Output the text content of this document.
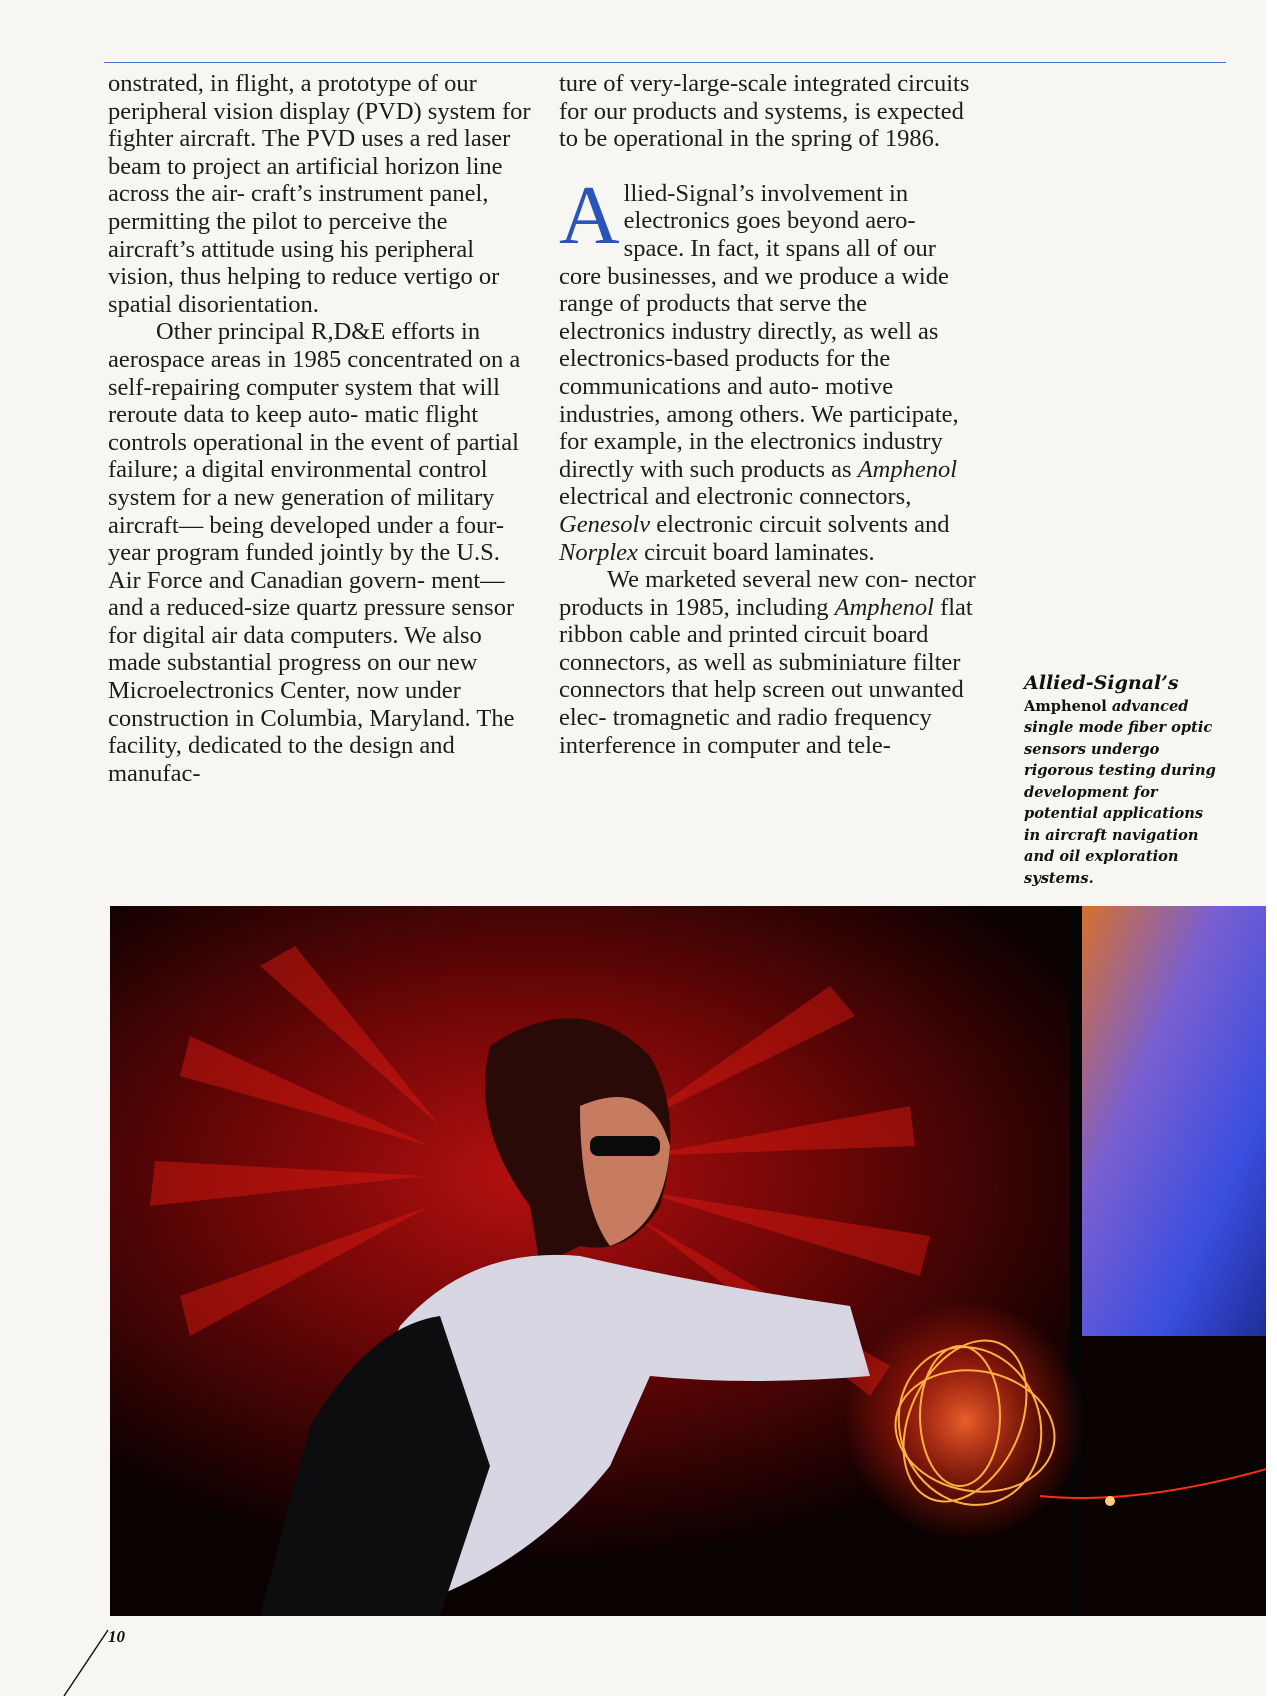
onstrated, in flight, a prototype of our peripheral vision display (PVD) system for fighter aircraft. The PVD uses a red laser beam to project an artificial horizon line across the air- craft’s instrument panel, permitting the pilot to perceive the aircraft’s attitude using his peripheral vision, thus helping to reduce vertigo or spatial disorientation.

Other principal R,D&E efforts in aerospace areas in 1985 concentrated on a self-repairing computer system that will reroute data to keep auto- matic flight controls operational in the event of partial failure; a digital environmental control system for a new generation of military aircraft— being developed under a four-year program funded jointly by the U.S. Air Force and Canadian govern- ment—and a reduced-size quartz pressure sensor for digital air data computers. We also made substantial progress on our new Microelectronics Center, now under construction in Columbia, Maryland. The facility, dedicated to the design and manufac-

ture of very-large-scale integrated circuits for our products and systems, is expected to be operational in the spring of 1986.

Allied-Signal’s involvement in electronics goes beyond aero- space. In fact, it spans all of our core businesses, and we produce a wide range of products that serve the electronics industry directly, as well as electronics-based products for the communications and auto- motive industries, among others. We participate, for example, in the electronics industry directly with such products as Amphenol electrical and electronic connectors, Genesolv electronic circuit solvents and Norplex circuit board laminates.

We marketed several new con- nector products in 1985, including Amphenol flat ribbon cable and printed circuit board connectors, as well as subminiature filter connectors that help screen out unwanted elec- tromagnetic and radio frequency interference in computer and tele-

Allied-Signal’s
Amphenol advanced single mode fiber optic sensors undergo rigorous testing during development for potential applications in aircraft navigation and oil exploration systems.
10
